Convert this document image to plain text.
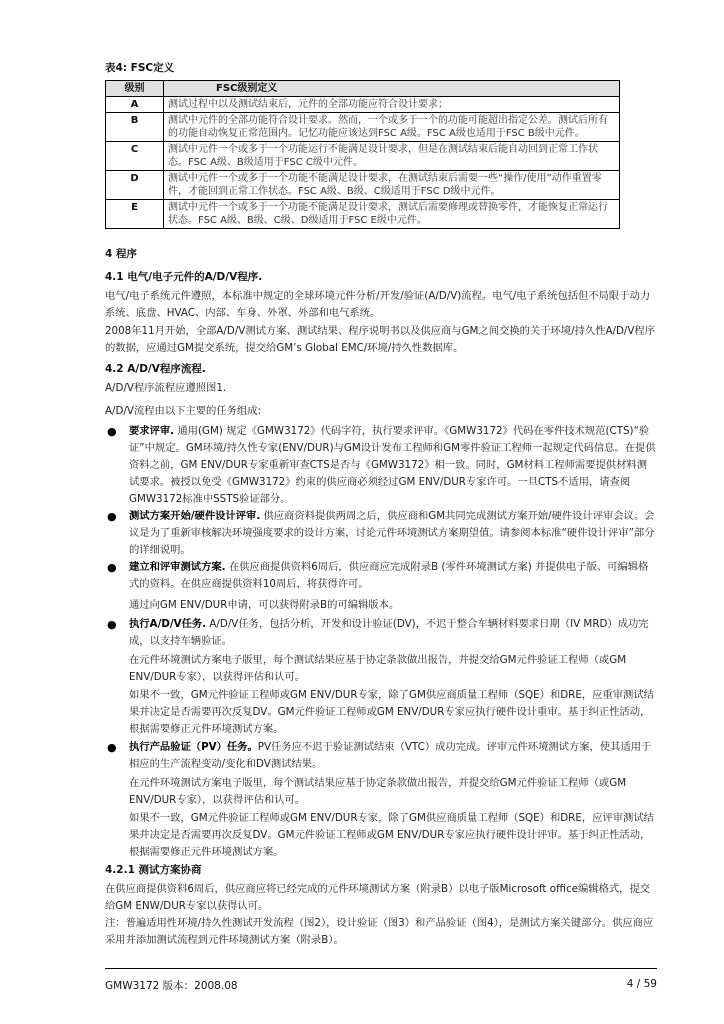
表4: FSC定义
级别	FSC级别定义
A	测试过程中以及测试结束后，元件的全部功能应符合设计要求；
B	测试中元件的全部功能符合设计要求。然而，一个或多于一个的功能可能超出指定公差。测试后所有的功能自动恢复正常范围内。记忆功能应该达到FSC A级。FSC A级也适用于FSC B级中元件。
C	测试中元件一个或多于一个功能运行不能满足设计要求，但是在测试结束后能自动回到正常工作状态。FSC A级、B级适用于FSC C级中元件。
D	测试中元件一个或多于一个功能不能满足设计要求，在测试结束后需要一些“操作/使用”动作重置零件，才能回到正常工作状态。FSC A级、B级、C级适用于FSC D级中元件。
E	测试中元件一个或多于一个功能不能满足设计要求，测试后需要修理或替换零件，才能恢复正常运行状态。FSC A级、B级、C级、D级适用于FSC E级中元件。
4 程序
4.1 电气/电子元件的A/D/V程序.
电气/电子系统元件遵照，本标准中规定的全球环境元件分析/开发/验证(A/D/V)流程。电气/电子系统包括但不局限于动力系统、底盘、HVAC、内部、车身、外罩、外部和电气系统。
2008年11月开始，全部A/D/V测试方案、测试结果、程序说明书以及供应商与GM之间交换的关于环境/持久性A/D/V程序的数据，应通过GM提交系统，提交给GM’s Global EMC/环境/持久性数据库。
4.2 A/D/V程序流程.
A/D/V程序流程应遵照图1.
A/D/V流程由以下主要的任务组成:
● 要求评审. 通用(GM) 规定《GMW3172》代码字符，执行要求评审。《GMW3172》代码在零件技术规范(CTS)“验证”中规定。GM环境/持久性专家(ENV/DUR)与GM设计发布工程师和GM零件验证工程师一起规定代码信息。在提供资料之前，GM ENV/DUR专家重新审查CTS是否与《GMW3172》相一致。同时，GM材料工程师需要提供材料测试要求。被授以免受《GMW3172》约束的供应商必须经过GM ENV/DUR专家许可。一旦CTS不适用，请查阅GMW3172标准中SSTS验证部分。
● 测试方案开始/硬件设计评审. 供应商资料提供两周之后，供应商和GM共同完成测试方案开始/硬件设计评审会议。会议是为了重新审核解决环境强度要求的设计方案，讨论元件环境测试方案期望值。请参阅本标准“硬件设计评审”部分的详细说明。
● 建立和评审测试方案. 在供应商提供资料6周后，供应商应完成附录B (零件环境测试方案) 并提供电子版、可编辑格式的资料。在供应商提供资料10周后，将获得许可。
通过向GM ENV/DUR申请，可以获得附录B的可编辑版本。
● 执行A/D/V任务. A/D/V任务，包括分析，开发和设计验证(DV)，不迟于整合车辆材料要求日期（IV MRD）成功完成，以支持车辆验证。
在元件环境测试方案电子版里，每个测试结果应基于协定条款做出报告，并提交给GM元件验证工程师（或GM ENV/DUR专家），以获得评估和认可。
如果不一致，GM元件验证工程师或GM ENV/DUR专家，除了GM供应商质量工程师（SQE）和DRE，应重审测试结果并决定是否需要再次反复DV。GM元件验证工程师或GM ENV/DUR专家应执行硬件设计重审。基于纠正性活动，根据需要修正元件环境测试方案。
● 执行产品验证（PV）任务。PV任务应不迟于验证测试结束（VTC）成功完成。评审元件环境测试方案，使其适用于相应的生产流程变动/变化和DV测试结果。
在元件环境测试方案电子版里，每个测试结果应基于协定条款做出报告，并提交给GM元件验证工程师（或GM ENV/DUR专家），以获得评估和认可。
如果不一致，GM元件验证工程师或GM ENV/DUR专家，除了GM供应商质量工程师（SQE）和DRE，应评审测试结果并决定是否需要再次反复DV。GM元件验证工程师或GM ENV/DUR专家应执行硬件设计评审。基于纠正性活动，根据需要修正元件环境测试方案。
4.2.1 测试方案协商
在供应商提供资料6周后，供应商应将已经完成的元件环境测试方案（附录B）以电子版Microsoft office编辑格式，提交给GM ENW/DUR专家以获得认可。
注：普遍适用性环境/持久性测试开发流程（图2），设计验证（图3）和产品验证（图4），是测试方案关键部分。供应商应采用并添加测试流程到元件环境测试方案（附录B）。
GMW3172 版本：2008.08	4 / 59
